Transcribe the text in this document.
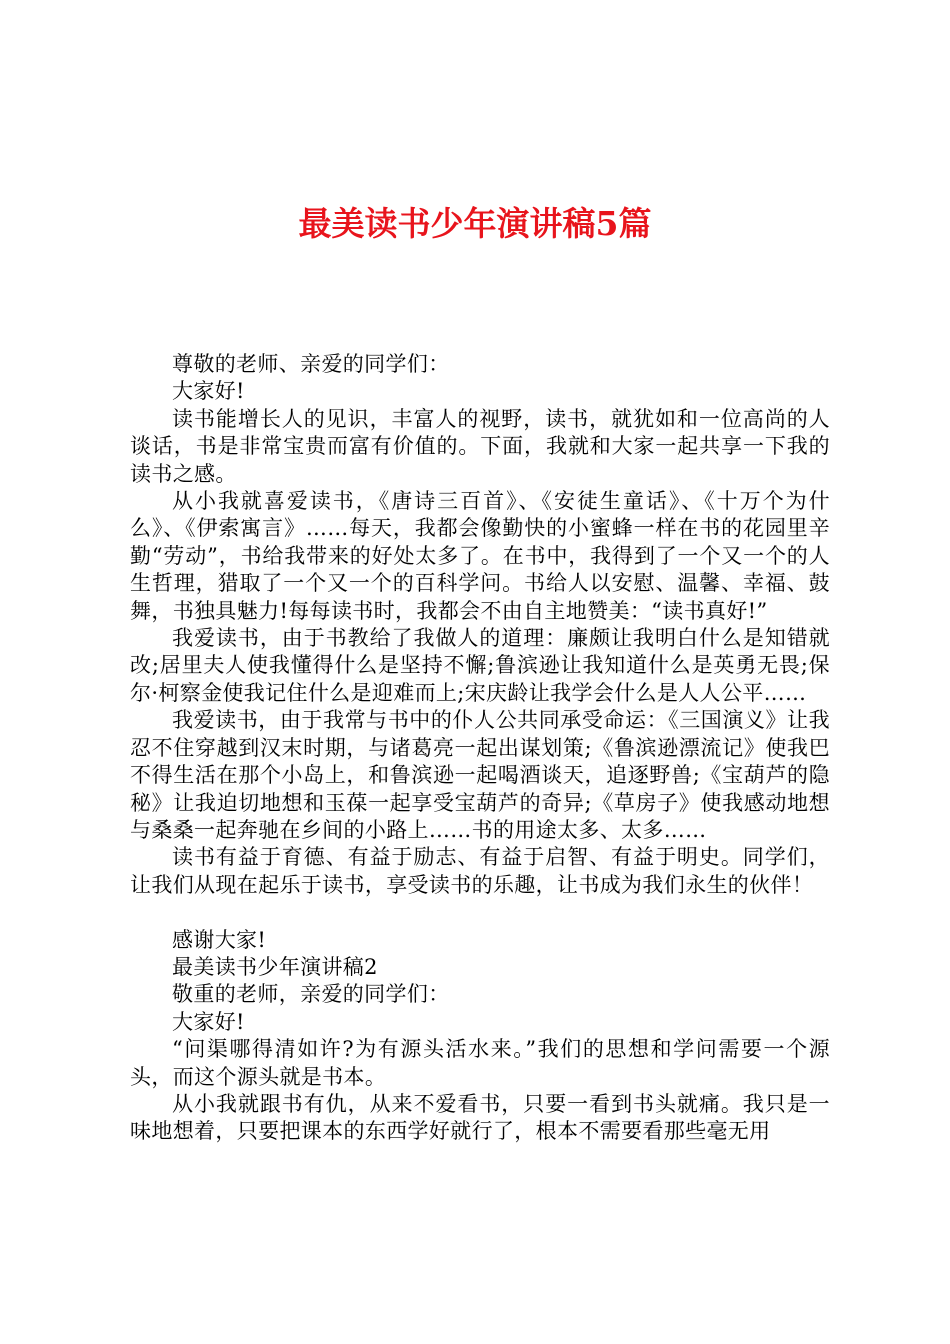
最美读书少年演讲稿5篇

尊敬的老师、亲爱的同学们：

大家好!

读书能增长人的见识，丰富人的视野，读书，就犹如和一位高尚的人谈话，书是非常宝贵而富有价值的。下面，我就和大家一起共享一下我的读书之感。

从小我就喜爱读书，《唐诗三百首》、《安徒生童话》、《十万个为什么》、《伊索寓言》……每天，我都会像勤快的小蜜蜂一样在书的花园里辛勤“劳动”，书给我带来的好处太多了。在书中，我得到了一个又一个的人生哲理，猎取了一个又一个的百科学问。书给人以安慰、温馨、幸福、鼓舞，书独具魅力!每每读书时，我都会不由自主地赞美：“读书真好!”

我爱读书，由于书教给了我做人的道理：廉颇让我明白什么是知错就改;居里夫人使我懂得什么是坚持不懈;鲁滨逊让我知道什么是英勇无畏;保尔·柯察金使我记住什么是迎难而上;宋庆龄让我学会什么是人人公平……

我爱读书，由于我常与书中的仆人公共同承受命运：《三国演义》让我忍不住穿越到汉末时期，与诸葛亮一起出谋划策;《鲁滨逊漂流记》使我巴不得生活在那个小岛上，和鲁滨逊一起喝酒谈天，追逐野兽;《宝葫芦的隐秘》让我迫切地想和玉葆一起享受宝葫芦的奇异;《草房子》使我感动地想与桑桑一起奔驰在乡间的小路上……书的用途太多、太多……

读书有益于育德、有益于励志、有益于启智、有益于明史。同学们，让我们从现在起乐于读书，享受读书的乐趣，让书成为我们永生的伙伴！

感谢大家!

最美读书少年演讲稿2

敬重的老师，亲爱的同学们：

大家好!

“问渠哪得清如许?为有源头活水来。”我们的思想和学问需要一个源头，而这个源头就是书本。

从小我就跟书有仇，从来不爱看书，只要一看到书头就痛。我只是一味地想着，只要把课本的东西学好就行了，根本不需要看那些毫无用
